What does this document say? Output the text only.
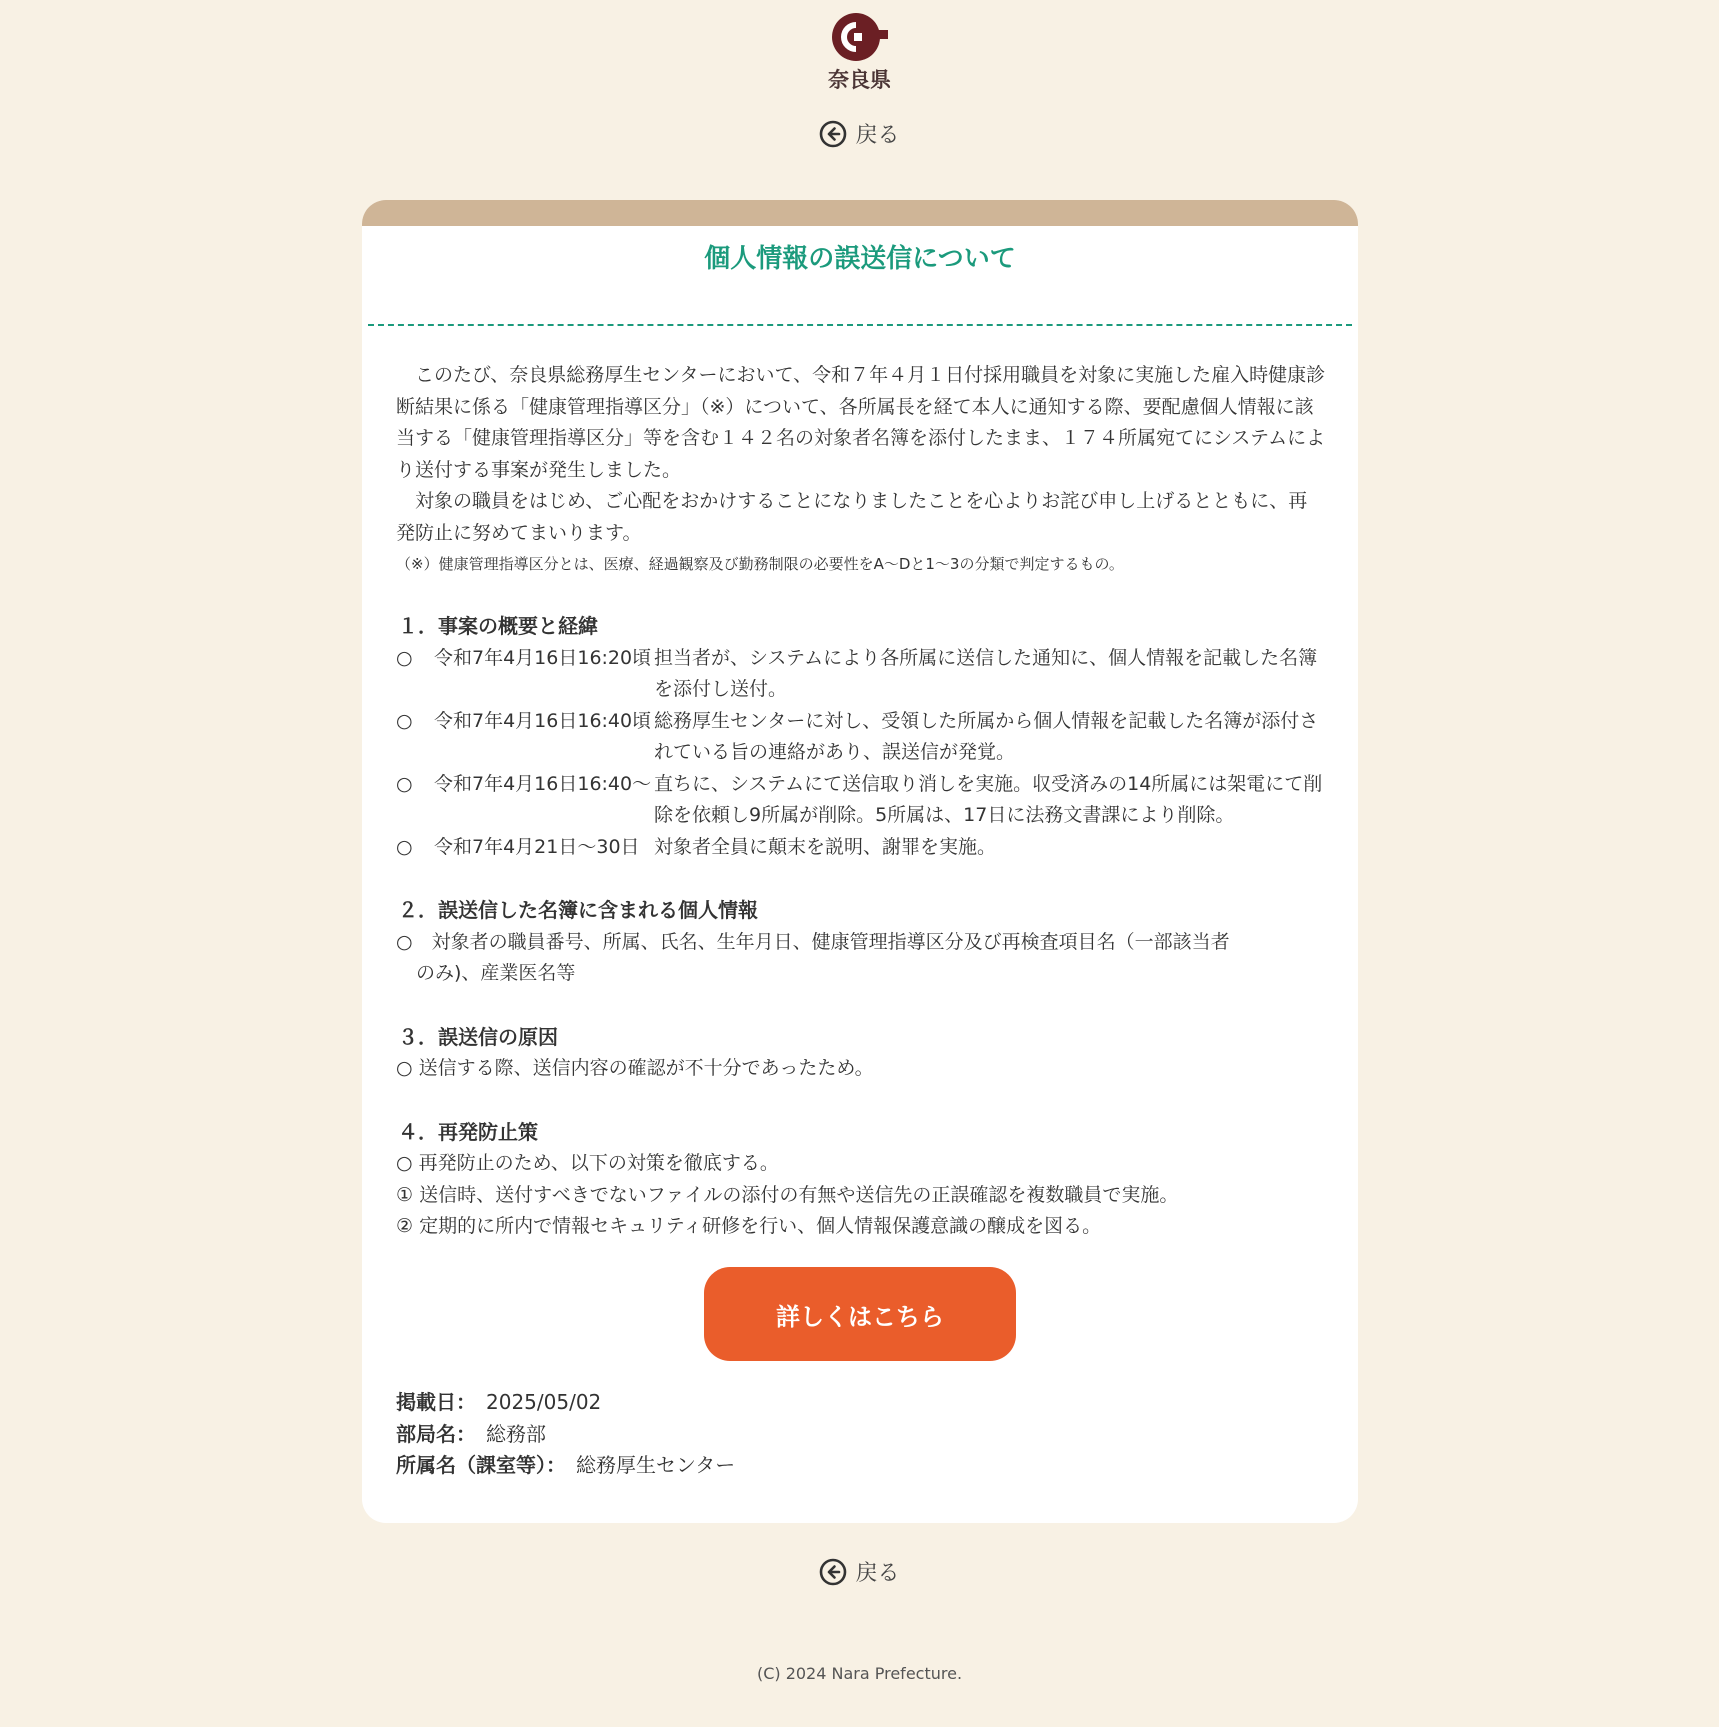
奈良県
戻る
個人情報の誤送信について

このたび、奈良県総務厚生センターにおいて、令和７年４月１日付採用職員を対象に実施した雇入時健康診断結果に係る「健康管理指導区分」（※）について、各所属長を経て本人に通知する際、要配慮個人情報に該当する「健康管理指導区分」等を含む１４２名の対象者名簿を添付したまま、１７４所属宛てにシステムにより送付する事案が発生しました。

対象の職員をはじめ、ご心配をおかけすることになりましたことを心よりお詫び申し上げるとともに、再発防止に努めてまいります。

（※）健康管理指導区分とは、医療、経過観察及び勤務制限の必要性をA〜Dと1〜3の分類で判定するもの。

１．事案の概要と経緯

○	令和7年4月16日16:20頃 担当者が、システムにより各所属に送信した通知に、個人情報を記載した名簿を添付し送付。
○	令和7年4月16日16:40頃 総務厚生センターに対し、受領した所属から個人情報を記載した名簿が添付されている旨の連絡があり、誤送信が発覚。
○	令和7年4月16日16:40〜 直ちに、システムにて送信取り消しを実施。収受済みの14所属には架電にて削除を依頼し9所属が削除。5所属は、17日に法務文書課により削除。
○	令和7年4月21日〜30日 対象者全員に顛末を説明、謝罪を実施。

２．誤送信した名簿に含まれる個人情報

○　対象者の職員番号、所属、氏名、生年月日、健康管理指導区分及び再検査項目名（一部該当者

のみ)、産業医名等

３．誤送信の原因

○ 送信する際、送信内容の確認が不十分であったため。

４．再発防止策

○ 再発防止のため、以下の対策を徹底する。

① 送信時、送付すべきでないファイルの添付の有無や送信先の正誤確認を複数職員で実施。

② 定期的に所内で情報セキュリティ研修を行い、個人情報保護意識の醸成を図る。

詳しくはこちら
掲載日： 2025/05/02
部局名： 総務部
所属名（課室等）： 総務厚生センター
戻る
(C) 2024 Nara Prefecture.
